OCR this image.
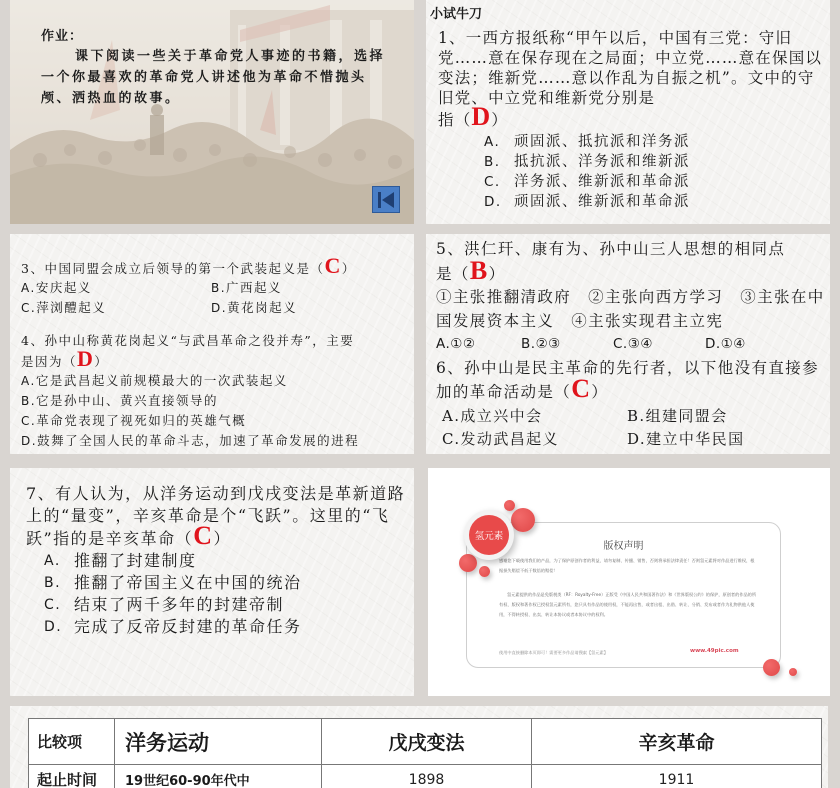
作业：
课下阅读一些关于革命党人事迹的书籍，选择一个你最喜欢的革命党人讲述他为革命不惜抛头颅、洒热血的故事。
小试牛刀
1、一西方报纸称“甲午以后，中国有三党：守旧党……意在保存现在之局面；中立党……意在保国以变法；维新党……意以作乱为自振之机”。文中的守旧党、中立党和维新党分别是
指（D）
A. 顽固派、抵抗派和洋务派
B. 抵抗派、洋务派和维新派
C. 洋务派、维新派和革命派
D. 顽固派、维新派和革命派
3、中国同盟会成立后领导的第一个武装起义是（C）
A.安庆起义	B.广西起义
C.萍浏醴起义	D.黄花岗起义
4、孙中山称黄花岗起义“与武昌革命之役并寿”，主要
是因为（D）
A.它是武昌起义前规模最大的一次武装起义
B.它是孙中山、黄兴直接领导的
C.革命党表现了视死如归的英雄气概
D.鼓舞了全国人民的革命斗志，加速了革命发展的进程
5、洪仁玕、康有为、孙中山三人思想的相同点
是（B）
①主张推翻清政府　②主张向西方学习　③主张在中国发展资本主义　④主张实现君主立宪
A.①②	B.②③	C.③④	D.①④
6、孙中山是民主革命的先行者，以下他没有直接参加的革命活动是（C）
A.成立兴中会	B.组建同盟会
C.发动武昌起义	D.建立中华民国
7、有人认为，从洋务运动到戊戌变法是革新道路上的“量变”，辛亥革命是个“飞跃”。这里的“飞跃”指的是辛亥革命（C）
A. 推翻了封建制度
B. 推翻了帝国主义在中国的统治
C. 结束了两千多年的封建帝制
D. 完成了反帝反封建的革命任务
版权声明
感谢您下载使用我们的产品，为了保护原创作者的利益，请勿复制、传播、销售，否则将承担法律责任！否则氢元素将对作品进行维权，根据损失赔偿不低于数倍的赔偿！
氢元素提供的作品是免版税类（RF：Royalty-Free）正版受《中国人民共和国著作法》和《世界版权公约》的保护，原创者的作品的所有权、版权和著作权已授权氢元素所有，您只具有作品的使用权，不能再出售，或者出租、出借、转让、分销、发布或者作为礼物供他人使用，不得转授权、出卖、转让本协议或者本协议中的权利。
使用中直接删除本页即可！需要更多作品请搜索【氢元素】	www.49pic.com
氢元素
比较项	洋务运动	戊戌变法	辛亥革命
起止时间	19世纪60-90年代中	1898	1911
